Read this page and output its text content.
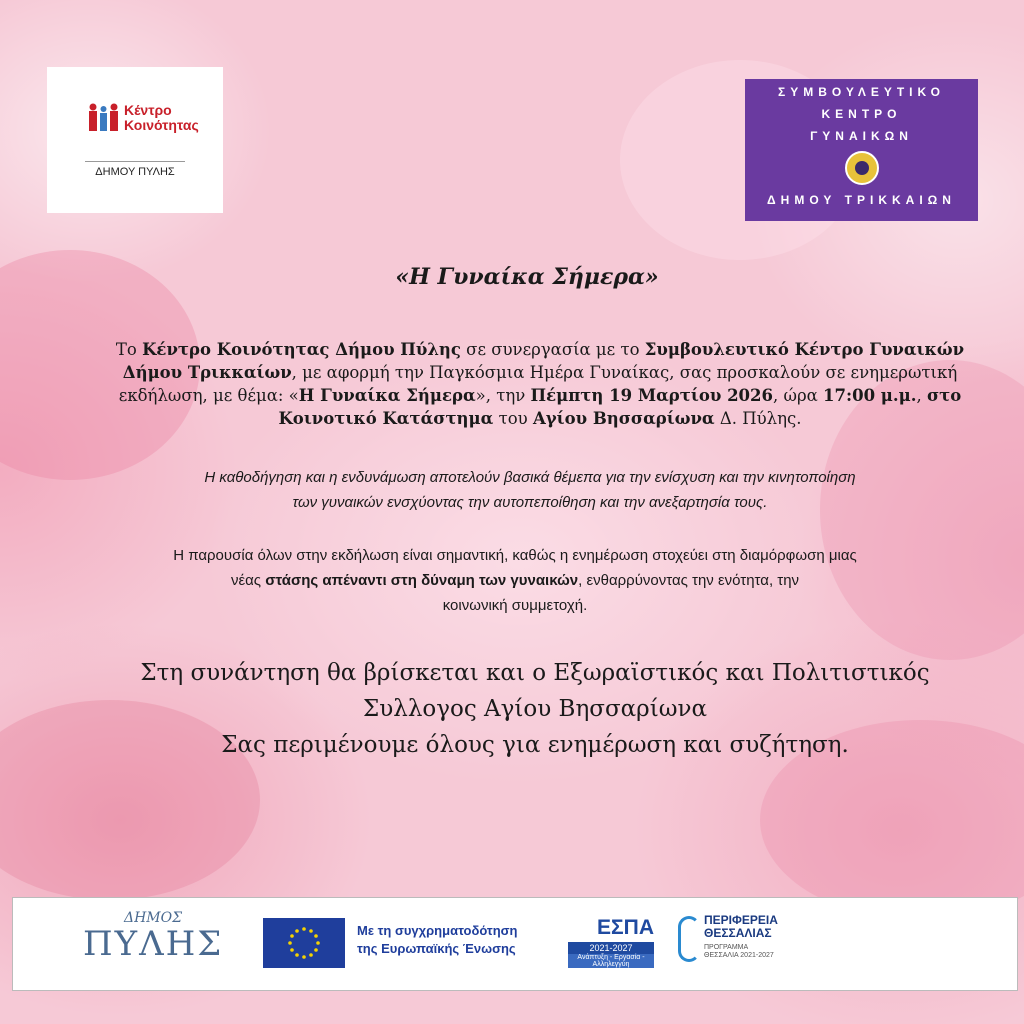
Κέντρο
Κοινότητας
ΔΗΜΟΥ ΠΥΛΗΣ
ΣΥΜΒΟΥΛΕΥΤΙΚΟ
ΚΕΝΤΡΟ
ΓΥΝΑΙΚΩΝ
ΔΗΜΟΥ ΤΡΙΚΚΑΙΩΝ
«Η Γυναίκα Σήμερα»
Το Κέντρο Κοινότητας Δήμου Πύλης σε συνεργασία με το Συμβουλευτικό Κέντρο Γυναικών Δήμου Τρικκαίων, με αφορμή την Παγκόσμια Ημέρα Γυναίκας, σας προσκαλούν σε ενημερωτική εκδήλωση, με θέμα: «Η Γυναίκα Σήμερα», την Πέμπτη 19 Μαρτίου 2026, ώρα 17:00 μ.μ., στο Κοινοτικό Κατάστημα του Αγίου Βησσαρίωνα Δ. Πύλης.
Η καθοδήγηση και η ενδυνάμωση αποτελούν βασικά θέμεπα για την ενίσχυση και την κινητοποίηση
των γυναικών ενσχύοντας την αυτοπεποίθηση και την ανεξαρτησία τους.
Η παρουσία όλων στην εκδήλωση είναι σημαντική, καθώς η ενημέρωση στοχεύει στη διαμόρφωση μιας
νέας στάσης απέναντι στη δύναμη των γυναικών, ενθαρρύνοντας την ενότητα, την
κοινωνική συμμετοχή.
Στη συνάντηση θα βρίσκεται και ο Εξωραϊστικός και Πολιτιστικός
Συλλογος Αγίου Βησσαρίωνα
Σας περιμένουμε όλους για ενημέρωση και συζήτηση.
ΔΗΜΟΣ
ΠΥΛΗΣ	Με τη συγχρηματοδότηση
της Ευρωπαϊκής Ένωσης
ΕΣΠΑ
2021-2027
Ανάπτυξη - Εργασία - Αλληλεγγύη
ΠΕΡΙΦΕΡΕΙΑ
ΘΕΣΣΑΛΙΑΣ
ΠΡΟΓΡΑΜΜΑ
ΘΕΣΣΑΛΙΑ 2021-2027
